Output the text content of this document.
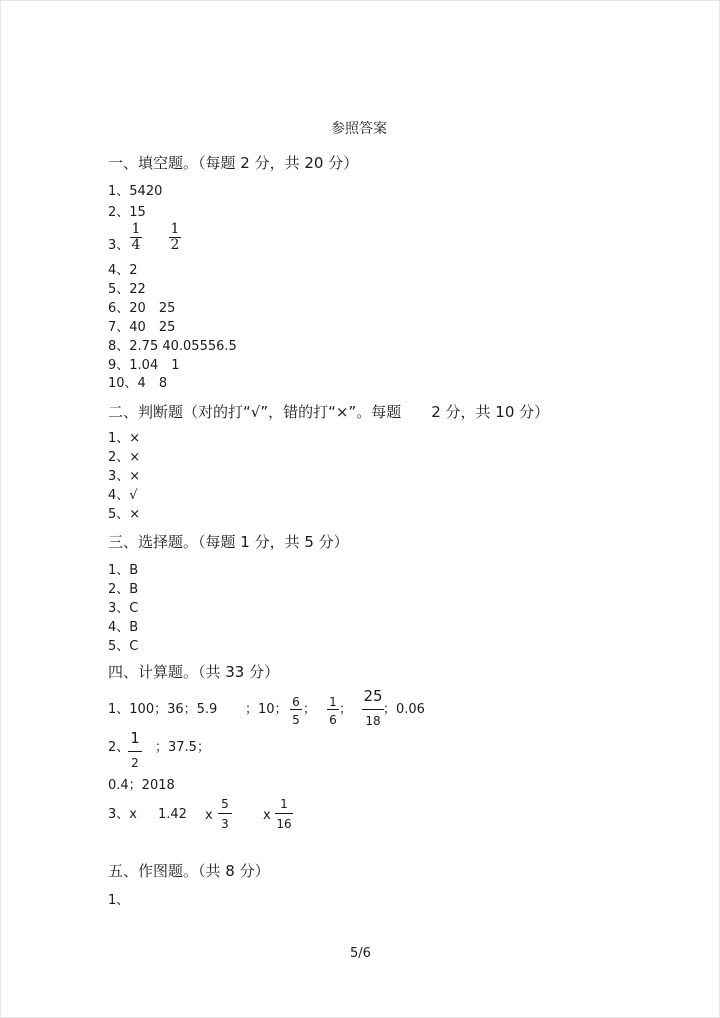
参照答案
一、填空题。（每题 2 分，共 20 分）
1、5420
2、15
3、
1
4
1
2
4、2
5、22
6、20　25
7、40　25
8、2.75 40.05556.5
9、1.04　1
10、4　8
二、判断题（对的打“√”，错的打“×”。每题　　2 分，共 10 分）
1、×
2、×
3、×
4、√
5、×
三、选择题。（每题 1 分，共 5 分）
1、B
2、B
3、C
4、B
5、C
四、计算题。（共 33 分）
1、100；36；5.9 ；10； 6
5
； 1
6
；
25
18
；0.06
2、
1
2
；37.5；
0.4；2018
3、x 1.42 x
5
3
x
1
16
五、作图题。（共 8 分）
1、
5/6
